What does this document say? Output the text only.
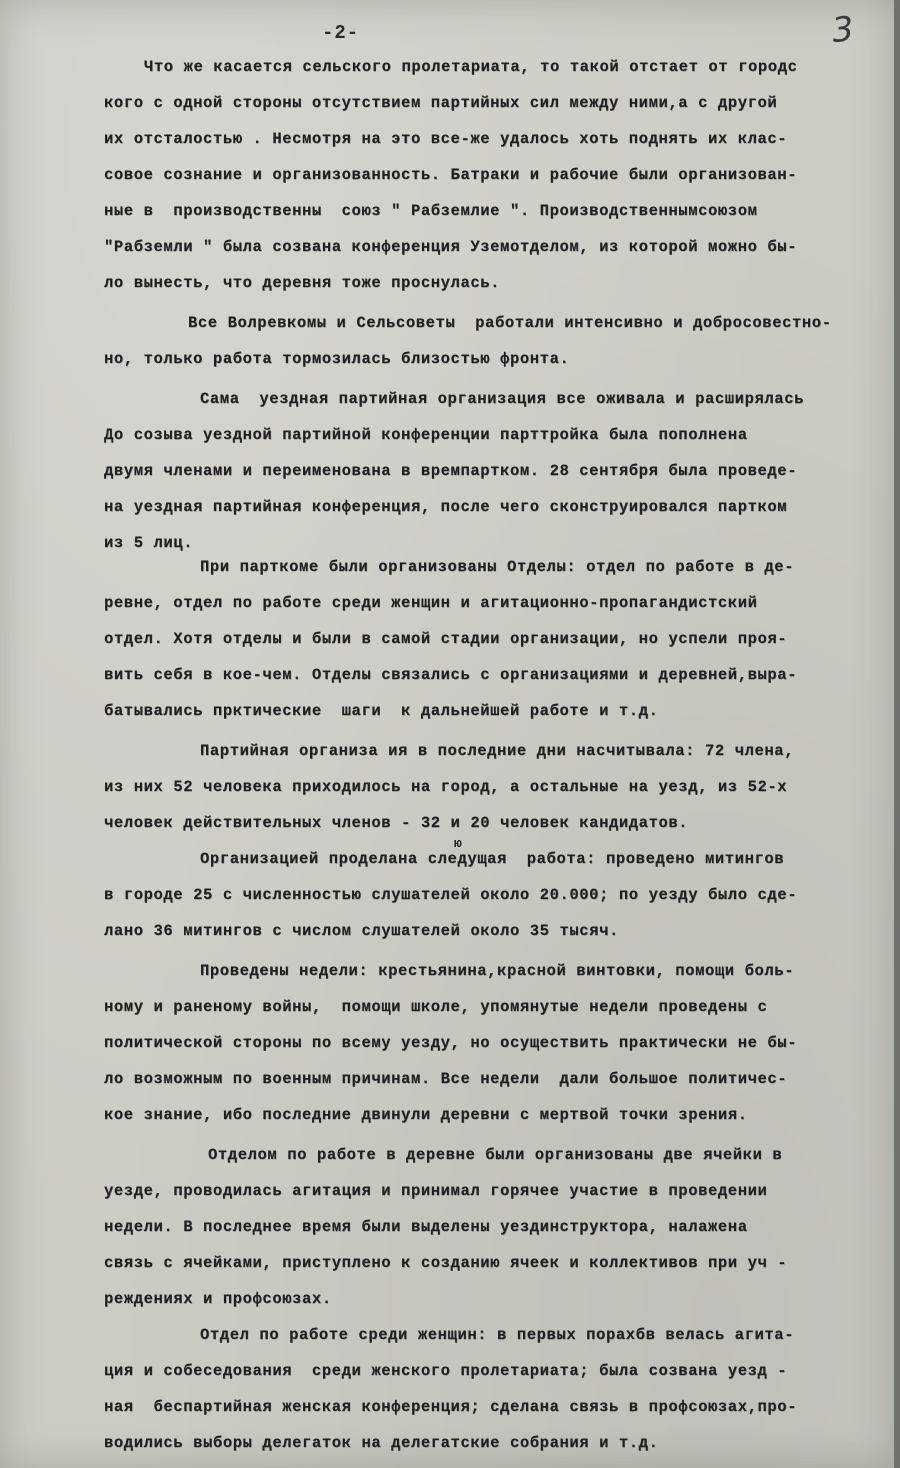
-2-	3
Что же касается сельского пролетариата, то такой отстает от городс
кого с одной стороны отсутствием партийных сил между ними,а с другой
их отсталостью . Несмотря на это все-же удалось хоть поднять их клас-
совое сознание и организованность. Батраки и рабочие были организован-
ные в  производственны  союз " Рабземлие ". Производственнымсоюзом
"Рабземли " была созвана конференция Уземотделом, из которой можно бы-
ло вынесть, что деревня тоже проснулась.
Все Волревкомы и Сельсоветы  работали интенсивно и добросовестно-
но, только работа тормозилась близостью фронта.
Сама  уездная партийная организация все оживала и расширялась
До созыва уездной партийной конференции парттройка была пополнена
двумя членами и переименована в времпартком. 28 сентября была проведе-
на уездная партийная конференция, после чего сконструировался партком
из 5 лиц.
При парткоме были организованы Отделы: отдел по работе в де-
ревне, отдел по работе среди женщин и агитационно-пропагандистский
отдел. Хотя отделы и были в самой стадии организации, но успели проя-
вить себя в кое-чем. Отделы связались с организациями и деревней,выра-
батывались прктические  шаги  к дальнейшей работе и т.д.
Партийная организа ия в последние дни насчитывала: 72 члена,
из них 52 человека приходилось на город, а остальные на уезд, из 52-х
человек действительных членов - 32 и 20 человек кандидатов.
ю
Организацией проделана следущая  работа: проведено митингов
в городе 25 с численностью слушателей около 20.000; по уезду было сде-
лано 36 митингов с числом слушателей около 35 тысяч.
Проведены недели: крестьянина,красной винтовки, помощи боль-
ному и раненому войны,  помощи школе, упомянутые недели проведены с
политической стороны по всему уезду, но осуществить практически не бы-
ло возможным по военным причинам. Все недели  дали большое политичес-
кое знание, ибо последние двинули деревни с мертвой точки зрения.
Отделом по работе в деревне были организованы две ячейки в
уезде, проводилась агитация и принимал горячее участие в проведении
недели. В последнее время были выделены уездинструктора, налажена
связь с ячейками, приступлено к созданию ячеек и коллективов при уч -
реждениях и профсоюзах.
Отдел по работе среди женщин: в первых порахбв велась агита-
ция и собеседования  среди женского пролетариата; была созвана уезд -
ная  беспартийная женская конференция; сделана связь в профсоюзах,про-
водились выборы делегаток на делегатские собрания и т.д.
